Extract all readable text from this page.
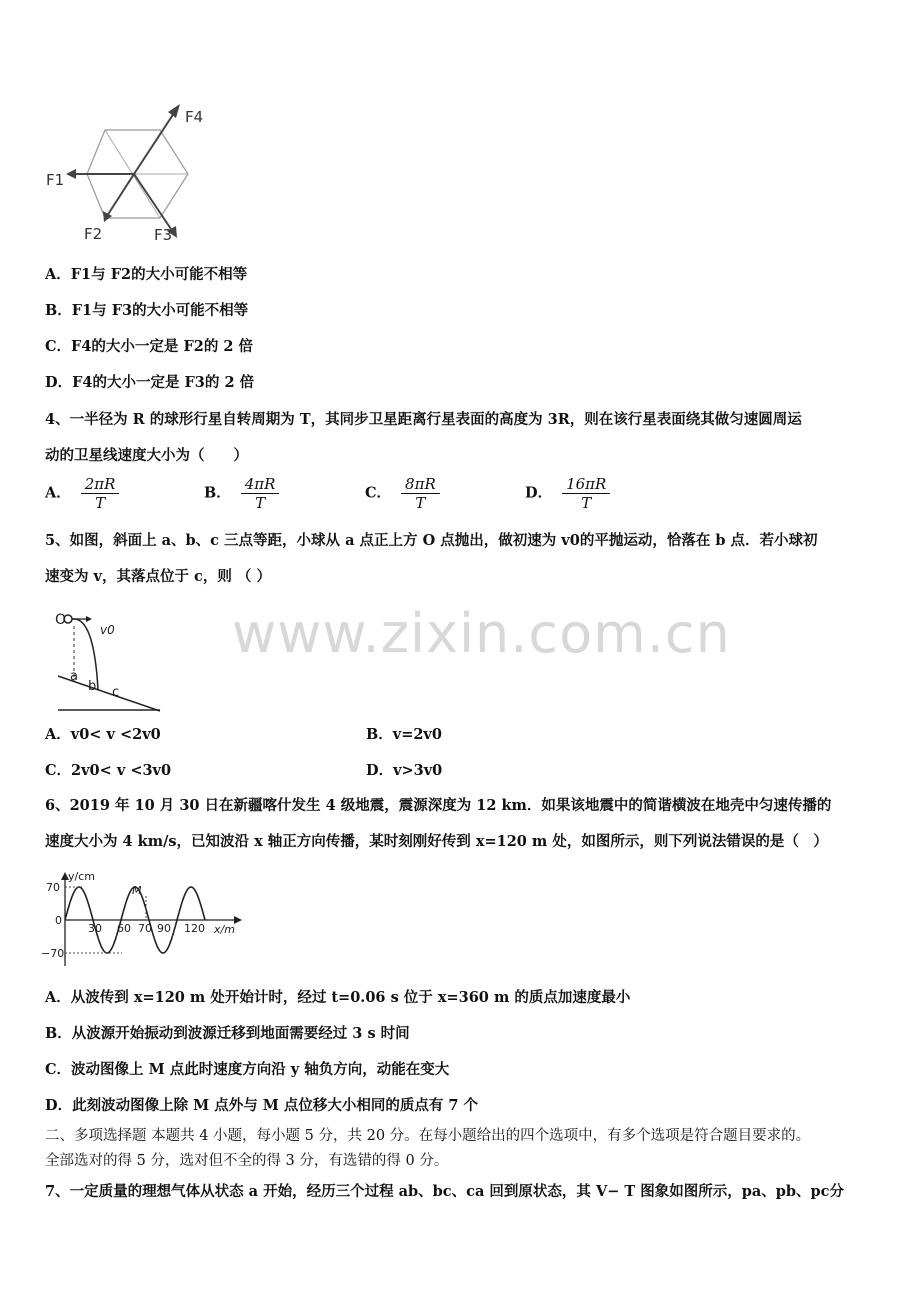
F4
F1
F2	F3
A．F1与 F2的大小可能不相等
B．F1与 F3的大小可能不相等
C．F4的大小一定是 F2的 2 倍
D．F4的大小一定是 F3的 2 倍
4、一半径为 R 的球形行星自转周期为 T，其同步卫星距离行星表面的高度为 3R，则在该行星表面绕其做匀速圆周运
动的卫星线速度大小为（　　）
A． $\frac{2\pi R}{T}$	B． $\frac{4\pi R}{T}$	C． $\frac{8\pi R}{T}$	D． $\frac{16\pi R}{T}$
5、如图，斜面上 a、b、c 三点等距，小球从 a 点正上方 O 点抛出，做初速为 v0的平抛运动，恰落在 b 点．若小球初
速变为 v，其落点位于 c，则 （ ）
O
v0
a
b c
www.zixin.com.cn
A．v0< v <2v0	B．v=2v0
C．2v0< v <3v0	D．v>3v0
6、2019 年 10 月 30 日在新疆喀什发生 4 级地震，震源深度为 12 km．如果该地震中的简谐横波在地壳中匀速传播的
速度大小为 4 km/s，已知波沿 x 轴正方向传播，某时刻刚好传到 x=120 m 处，如图所示，则下列说法错误的是（　）
y/cm
x/m
70
0
−70
30 60 70 90 120
M
A．从波传到 x=120 m 处开始计时，经过 t=0.06 s 位于 x=360 m 的质点加速度最小
B．从波源开始振动到波源迁移到地面需要经过 3 s 时间
C．波动图像上 M 点此时速度方向沿 y 轴负方向，动能在变大
D．此刻波动图像上除 M 点外与 M 点位移大小相同的质点有 7 个
二、多项选择题 本题共 4 小题，每小题 5 分，共 20 分。在每小题给出的四个选项中，有多个选项是符合题目要求的。
全部选对的得 5 分，选对但不全的得 3 分，有选错的得 0 分。
7、一定质量的理想气体从状态 a 开始，经历三个过程 ab、bc、ca 回到原状态，其 V− T 图象如图所示，pa、pb、pc分
